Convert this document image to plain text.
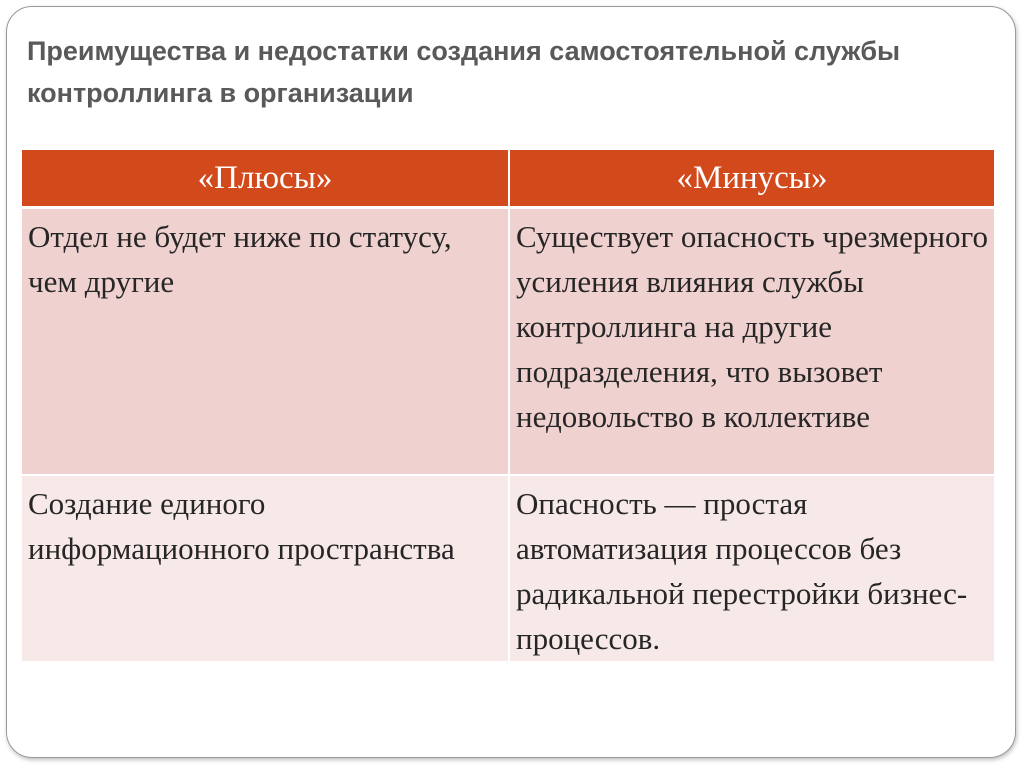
Преимущества и недостатки создания самостоятельной службы контроллинга в организации
«Плюсы»	«Минусы»
Отдел не будет ниже по статусу, чем другие	Существует опасность чрезмерного усиления влияния службы контроллинга на другие подразделения, что вызовет недовольство в коллективе
Создание единого информационного пространства	Опасность — простая автоматизация процессов без радикальной перестройки бизнес-процессов.
